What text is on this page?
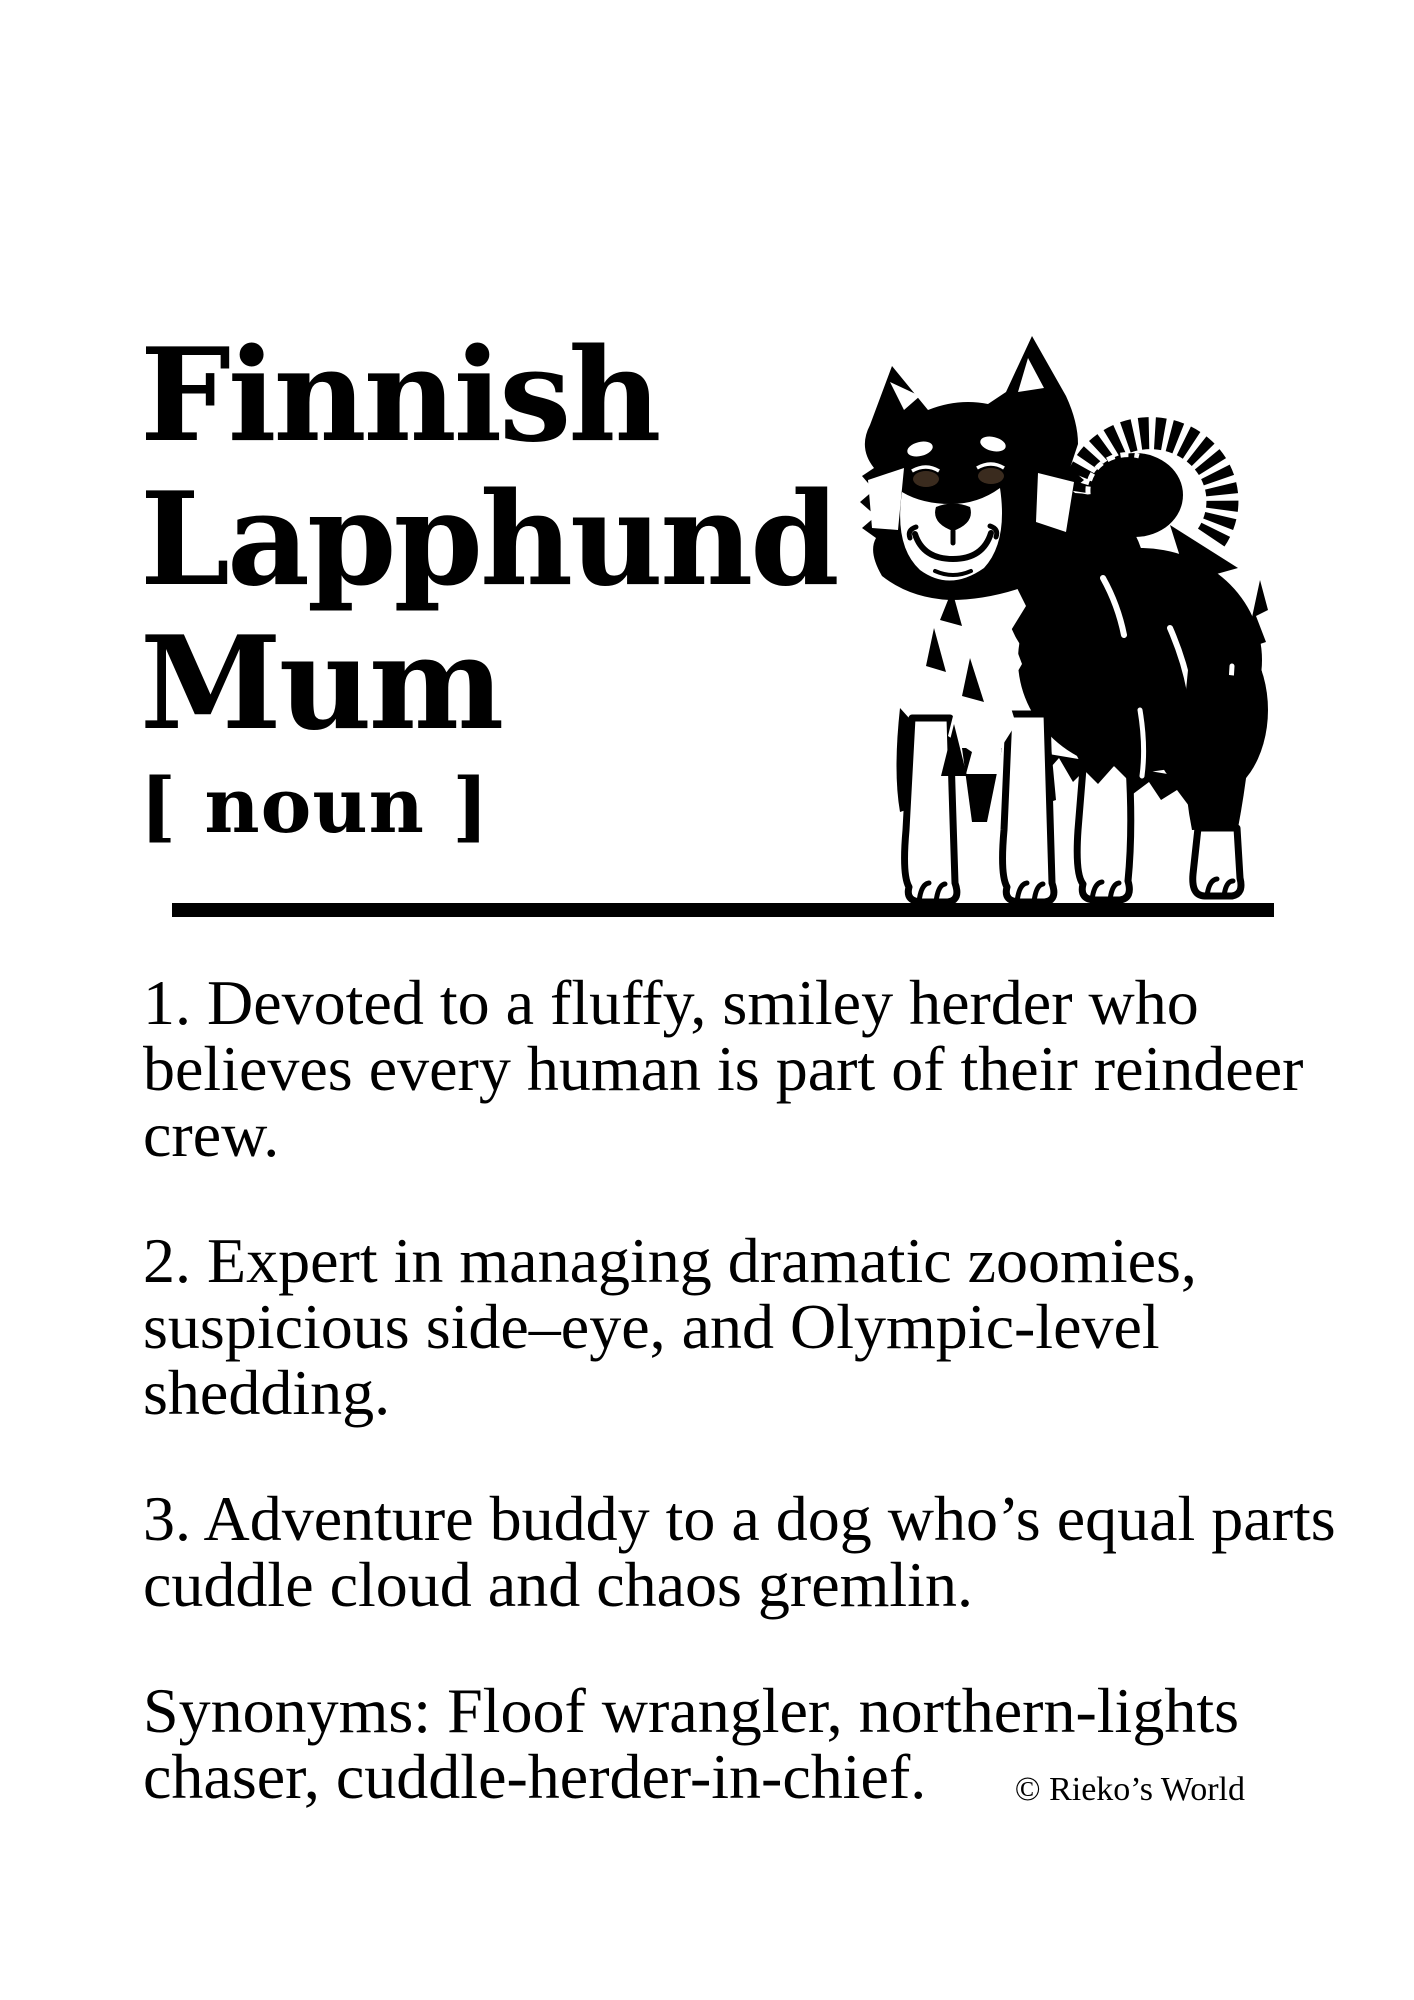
Finnish
Lapphund
Mum
[ noun ]
1. Devoted to a fluffy, smiley herder who
believes every human is part of their reindeer
crew.
2. Expert in managing dramatic zoomies,
suspicious side–eye, and Olympic-level
shedding.
3. Adventure buddy to a dog who’s equal parts
cuddle cloud and chaos gremlin.
Synonyms: Floof wrangler, northern-lights
chaser, cuddle-herder-in-chief.	© Rieko’s World
